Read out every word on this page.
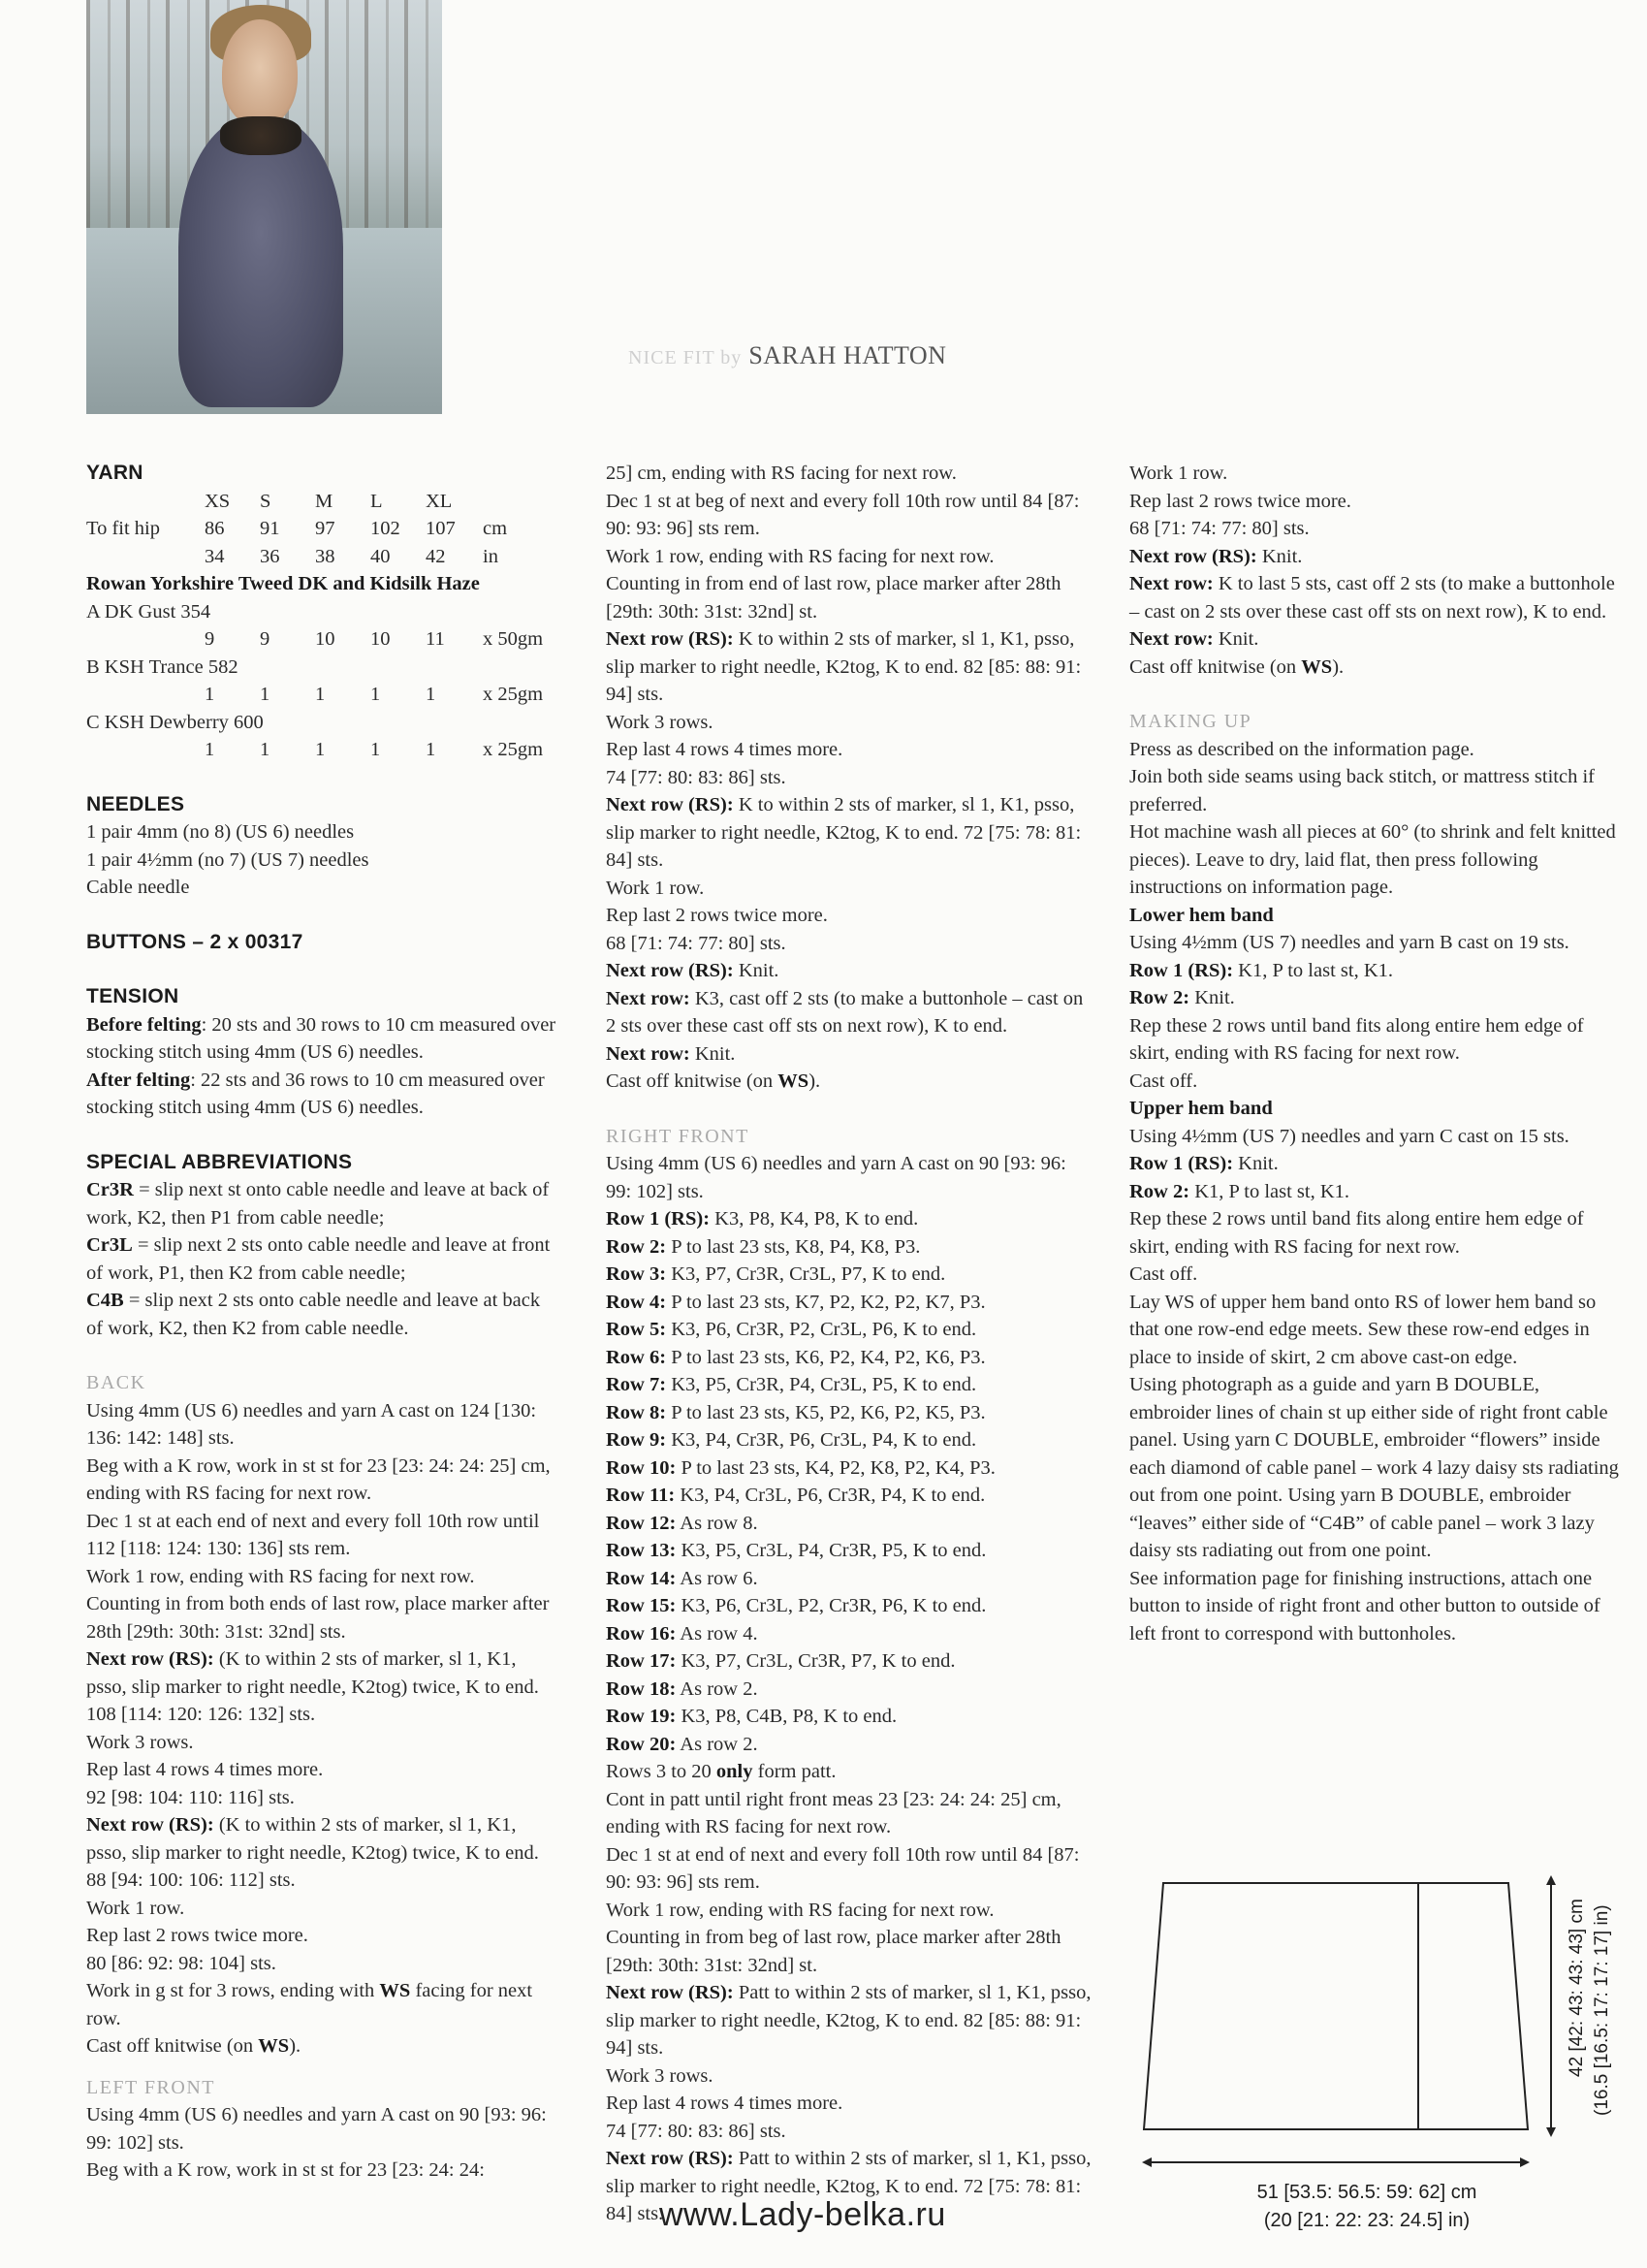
NICE FIT by SARAH HATTON

YARN

	XS	S	M	L	XL	
To fit hip	86	91	97	102	107	cm
	34	36	38	40	42	in

Rowan Yorkshire Tweed DK and Kidsilk Haze

A DK Gust 354

	9	9	10	10	11	x 50gm

B KSH Trance 582

	1	1	1	1	1	x 25gm

C KSH Dewberry 600

	1	1	1	1	1	x 25gm

NEEDLES

1 pair 4mm (no 8) (US 6) needles

1 pair 4½mm (no 7) (US 7) needles

Cable needle

BUTTONS – 2 x 00317

TENSION

Before felting: 20 sts and 30 rows to 10 cm measured over stocking stitch using 4mm (US 6) needles.

After felting: 22 sts and 36 rows to 10 cm measured over stocking stitch using 4mm (US 6) needles.

SPECIAL ABBREVIATIONS

Cr3R = slip next st onto cable needle and leave at back of work, K2, then P1 from cable needle;

Cr3L = slip next 2 sts onto cable needle and leave at front of work, P1, then K2 from cable needle;

C4B = slip next 2 sts onto cable needle and leave at back of work, K2, then K2 from cable needle.

BACK

Using 4mm (US 6) needles and yarn A cast on 124 [130: 136: 142: 148] sts.

Beg with a K row, work in st st for 23 [23: 24: 24: 25] cm, ending with RS facing for next row.

Dec 1 st at each end of next and every foll 10th row until 112 [118: 124: 130: 136] sts rem.

Work 1 row, ending with RS facing for next row.

Counting in from both ends of last row, place marker after 28th [29th: 30th: 31st: 32nd] sts.

Next row (RS): (K to within 2 sts of marker, sl 1, K1, psso, slip marker to right needle, K2tog) twice, K to end. 108 [114: 120: 126: 132] sts.

Work 3 rows.

Rep last 4 rows 4 times more.

92 [98: 104: 110: 116] sts.

Next row (RS): (K to within 2 sts of marker, sl 1, K1, psso, slip marker to right needle, K2tog) twice, K to end. 88 [94: 100: 106: 112] sts.

Work 1 row.

Rep last 2 rows twice more.

80 [86: 92: 98: 104] sts.

Work in g st for 3 rows, ending with WS facing for next row.

Cast off knitwise (on WS).

LEFT FRONT

Using 4mm (US 6) needles and yarn A cast on 90 [93: 96: 99: 102] sts.

Beg with a K row, work in st st for 23 [23: 24: 24:

25] cm, ending with RS facing for next row.

Dec 1 st at beg of next and every foll 10th row until 84 [87: 90: 93: 96] sts rem.

Work 1 row, ending with RS facing for next row.

Counting in from end of last row, place marker after 28th [29th: 30th: 31st: 32nd] st.

Next row (RS): K to within 2 sts of marker, sl 1, K1, psso, slip marker to right needle, K2tog, K to end. 82 [85: 88: 91: 94] sts.

Work 3 rows.

Rep last 4 rows 4 times more.

74 [77: 80: 83: 86] sts.

Next row (RS): K to within 2 sts of marker, sl 1, K1, psso, slip marker to right needle, K2tog, K to end. 72 [75: 78: 81: 84] sts.

Work 1 row.

Rep last 2 rows twice more.

68 [71: 74: 77: 80] sts.

Next row (RS): Knit.

Next row: K3, cast off 2 sts (to make a buttonhole – cast on 2 sts over these cast off sts on next row), K to end.

Next row: Knit.

Cast off knitwise (on WS).

RIGHT FRONT

Using 4mm (US 6) needles and yarn A cast on 90 [93: 96: 99: 102] sts.

Row 1 (RS): K3, P8, K4, P8, K to end.

Row 2: P to last 23 sts, K8, P4, K8, P3.

Row 3: K3, P7, Cr3R, Cr3L, P7, K to end.

Row 4: P to last 23 sts, K7, P2, K2, P2, K7, P3.

Row 5: K3, P6, Cr3R, P2, Cr3L, P6, K to end.

Row 6: P to last 23 sts, K6, P2, K4, P2, K6, P3.

Row 7: K3, P5, Cr3R, P4, Cr3L, P5, K to end.

Row 8: P to last 23 sts, K5, P2, K6, P2, K5, P3.

Row 9: K3, P4, Cr3R, P6, Cr3L, P4, K to end.

Row 10: P to last 23 sts, K4, P2, K8, P2, K4, P3.

Row 11: K3, P4, Cr3L, P6, Cr3R, P4, K to end.

Row 12: As row 8.

Row 13: K3, P5, Cr3L, P4, Cr3R, P5, K to end.

Row 14: As row 6.

Row 15: K3, P6, Cr3L, P2, Cr3R, P6, K to end.

Row 16: As row 4.

Row 17: K3, P7, Cr3L, Cr3R, P7, K to end.

Row 18: As row 2.

Row 19: K3, P8, C4B, P8, K to end.

Row 20: As row 2.

Rows 3 to 20 only form patt.

Cont in patt until right front meas 23 [23: 24: 24: 25] cm, ending with RS facing for next row.

Dec 1 st at end of next and every foll 10th row until 84 [87: 90: 93: 96] sts rem.

Work 1 row, ending with RS facing for next row.

Counting in from beg of last row, place marker after 28th [29th: 30th: 31st: 32nd] st.

Next row (RS): Patt to within 2 sts of marker, sl 1, K1, psso, slip marker to right needle, K2tog, K to end. 82 [85: 88: 91: 94] sts.

Work 3 rows.

Rep last 4 rows 4 times more.

74 [77: 80: 83: 86] sts.

Next row (RS): Patt to within 2 sts of marker, sl 1, K1, psso, slip marker to right needle, K2tog, K to end. 72 [75: 78: 81: 84] sts.

Work 1 row.

Rep last 2 rows twice more.

68 [71: 74: 77: 80] sts.

Next row (RS): Knit.

Next row: K to last 5 sts, cast off 2 sts (to make a buttonhole – cast on 2 sts over these cast off sts on next row), K to end.

Next row: Knit.

Cast off knitwise (on WS).

MAKING UP

Press as described on the information page.

Join both side seams using back stitch, or mattress stitch if preferred.

Hot machine wash all pieces at 60° (to shrink and felt knitted pieces). Leave to dry, laid flat, then press following instructions on information page.

Lower hem band

Using 4½mm (US 7) needles and yarn B cast on 19 sts.

Row 1 (RS): K1, P to last st, K1.

Row 2: Knit.

Rep these 2 rows until band fits along entire hem edge of skirt, ending with RS facing for next row.

Cast off.

Upper hem band

Using 4½mm (US 7) needles and yarn C cast on 15 sts.

Row 1 (RS): Knit.

Row 2: K1, P to last st, K1.

Rep these 2 rows until band fits along entire hem edge of skirt, ending with RS facing for next row.

Cast off.

Lay WS of upper hem band onto RS of lower hem band so that one row-end edge meets. Sew these row-end edges in place to inside of skirt, 2 cm above cast-on edge.

Using photograph as a guide and yarn B DOUBLE, embroider lines of chain st up either side of right front cable panel. Using yarn C DOUBLE, embroider “flowers” inside each diamond of cable panel – work 4 lazy daisy sts radiating out from one point. Using yarn B DOUBLE, embroider “leaves” either side of “C4B” of cable panel – work 3 lazy daisy sts radiating out from one point.

See information page for finishing instructions, attach one button to inside of right front and other button to outside of left front to correspond with buttonholes.

51 [53.5: 56.5: 59: 62] cm
(20 [21: 22: 23: 24.5] in)
42 [42: 43: 43: 43] cm (16.5 [16.5: 17: 17: 17] in)
www.Lady-belka.ru
